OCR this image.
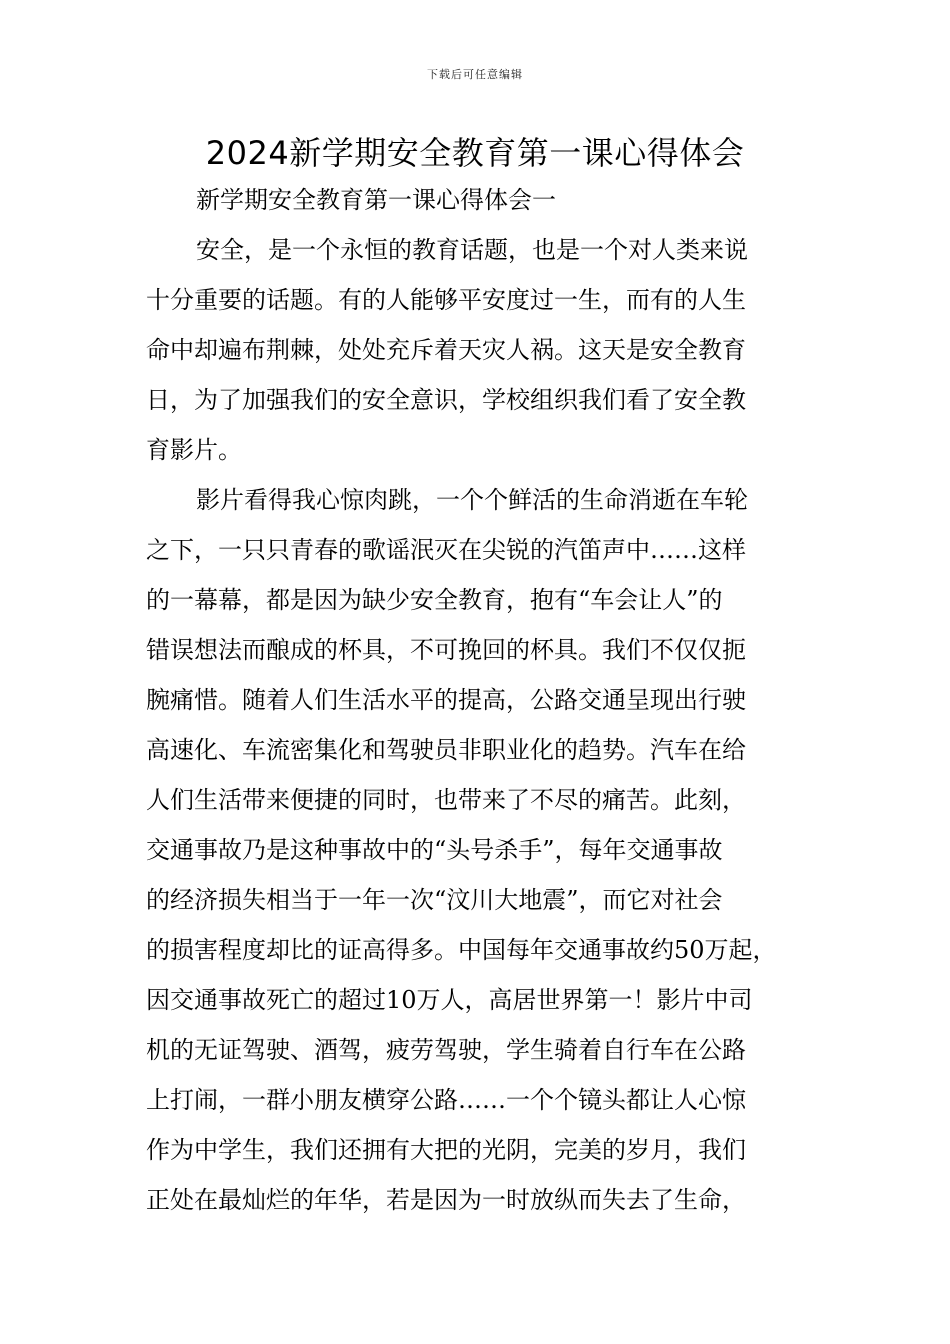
下载后可任意编辑
2024新学期安全教育第一课心得体会
新学期安全教育第一课心得体会一
安全，是一个永恒的教育话题，也是一个对人类来说
十分重要的话题。有的人能够平安度过一生，而有的人生
命中却遍布荆棘，处处充斥着天灾人祸。这天是安全教育
日，为了加强我们的安全意识，学校组织我们看了安全教
育影片。
影片看得我心惊肉跳，一个个鲜活的生命消逝在车轮
之下，一只只青春的歌谣泯灭在尖锐的汽笛声中……这样
的一幕幕，都是因为缺少安全教育，抱有“车会让人”的
错误想法而酿成的杯具，不可挽回的杯具。我们不仅仅扼
腕痛惜。随着人们生活水平的提高，公路交通呈现出行驶
高速化、车流密集化和驾驶员非职业化的趋势。汽车在给
人们生活带来便捷的同时，也带来了不尽的痛苦。此刻，
交通事故乃是这种事故中的“头号杀手”，每年交通事故
的经济损失相当于一年一次“汶川大地震”，而它对社会
的损害程度却比的证高得多。中国每年交通事故约50万起，
因交通事故死亡的超过10万人，高居世界第一！影片中司
机的无证驾驶、酒驾，疲劳驾驶，学生骑着自行车在公路
上打闹，一群小朋友横穿公路……一个个镜头都让人心惊
作为中学生，我们还拥有大把的光阴，完美的岁月，我们
正处在最灿烂的年华，若是因为一时放纵而失去了生命，
